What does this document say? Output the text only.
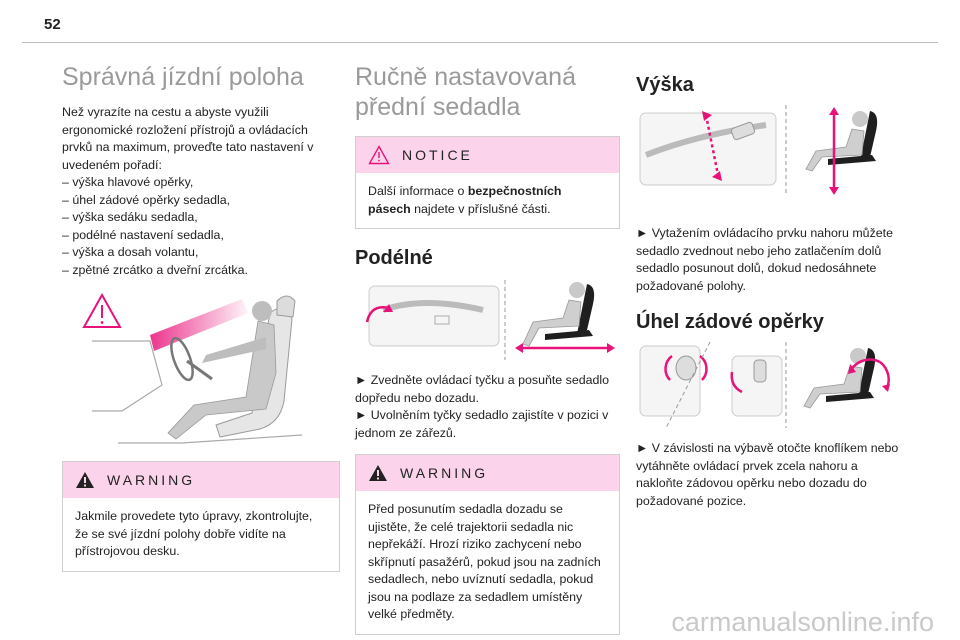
52
Správná jízdní poloha

Než vyrazíte na cestu a abyste využili ergonomické rozložení přístrojů a ovládacích prvků na maximum, proveďte tato nastavení v uvedeném pořadí:

– výška hlavové opěrky,
– úhel zádové opěrky sedadla,
– výška sedáku sedadla,
– podélné nastavení sedadla,
– výška a dosah volantu,
– zpětné zrcátko a dveřní zrcátka.

WARNING
Jakmile provedete tyto úpravy, zkontrolujte, že se své jízdní polohy dobře vidíte na přístrojovou desku.
Ručně nastavovaná
přední sedadla
NOTICE
Další informace o bezpečnostních pásech najdete v příslušné části.
Podélné

► Zvedněte ovládací tyčku a posuňte sedadlo dopředu nebo dozadu.

► Uvolněním tyčky sedadlo zajistíte v pozici v jednom ze zářezů.

WARNING
Před posunutím sedadla dozadu se ujistěte, že celé trajektorii sedadla nic nepřekáží. Hrozí riziko zachycení nebo skřípnutí pasažérů, pokud jsou na zadních sedadlech, nebo uvíznutí sedadla, pokud jsou na podlaze za sedadlem umístěny velké předměty.
Výška

► Vytažením ovládacího prvku nahoru můžete sedadlo zvednout nebo jeho zatlačením dolů sedadlo posunout dolů, dokud nedosáhnete požadované polohy.

Úhel zádové opěrky

► V závislosti na výbavě otočte knoflíkem nebo vytáhněte ovládací prvek zcela nahoru a nakloňte zádovou opěrku nebo dozadu do požadované pozice.

carmanualsonline.info
